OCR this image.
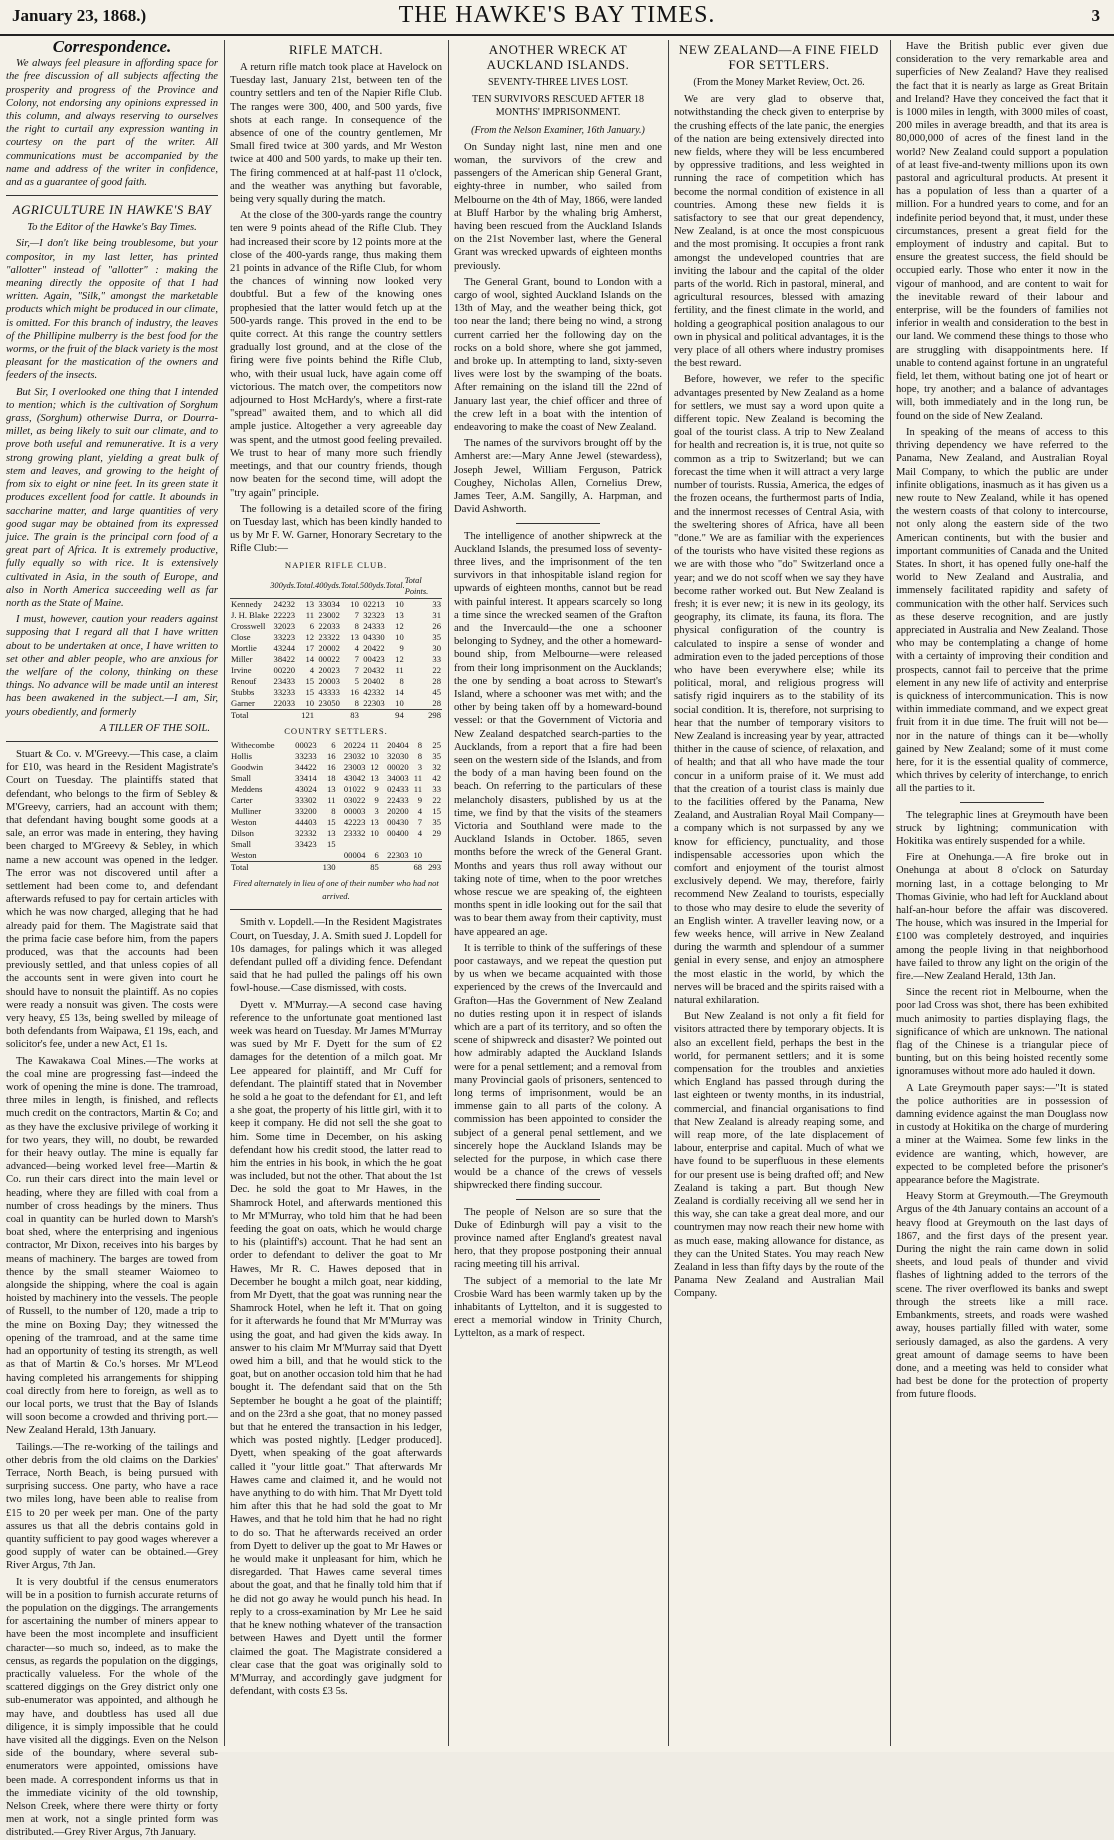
January 23, 1868.)	THE HAWKE'S BAY TIMES.	3
Correspondence.

We always feel pleasure in affording space for the free discussion of all subjects affecting the prosperity and progress of the Province and Colony, not endorsing any opinions expressed in this column, and always reserving to ourselves the right to curtail any expression wanting in courtesy on the part of the writer. All communications must be accompanied by the name and address of the writer in confidence, and as a guarantee of good faith.

AGRICULTURE IN HAWKE'S BAY

To the Editor of the Hawke's Bay Times.

Sir,—I don't like being troublesome, but your compositor, in my last letter, has printed "allotter" instead of "allotter" : making the meaning directly the opposite of that I had written. Again, "Silk," amongst the marketable products which might be produced in our climate, is omitted. For this branch of industry, the leaves of the Phillipine mulberry is the best food for the worms, or the fruit of the black variety is the most pleasant for the mastication of the owners and feeders of the insects.

But Sir, I overlooked one thing that I intended to mention; which is the cultivation of Sorghum grass, (Sorghum) otherwise Durra, or Dourra-millet, as being likely to suit our climate, and to prove both useful and remunerative. It is a very strong growing plant, yielding a great bulk of stem and leaves, and growing to the height of from six to eight or nine feet. In its green state it produces excellent food for cattle. It abounds in saccharine matter, and large quantities of very good sugar may be obtained from its expressed juice. The grain is the principal corn food of a great part of Africa. It is extremely productive, fully equally so with rice. It is extensively cultivated in Asia, in the south of Europe, and also in North America succeeding well as far north as the State of Maine.

I must, however, caution your readers against supposing that I regard all that I have written about to be undertaken at once, I have written to set other and abler people, who are anxious for the welfare of the colony, thinking on these things. No advance will be made until an interest has been awakened in the subject.—I am, Sir, yours obediently, and formerly

A TILLER OF THE SOIL.

Stuart & Co. v. M'Greevy.—This case, a claim for £10, was heard in the Resident Magistrate's Court on Tuesday. The plaintiffs stated that defendant, who belongs to the firm of Sebley & M'Greevy, carriers, had an account with them; that defendant having bought some goods at a sale, an error was made in entering, they having been charged to M'Greevy & Sebley, in which name a new account was opened in the ledger. The error was not discovered until after a settlement had been come to, and defendant afterwards refused to pay for certain articles with which he was now charged, alleging that he had already paid for them. The Magistrate said that the prima facie case before him, from the papers produced, was that the accounts had been previously settled, and that unless copies of all the accounts sent in were given into court he should have to nonsuit the plaintiff. As no copies were ready a nonsuit was given. The costs were very heavy, £5 13s, being swelled by mileage of both defendants from Waipawa, £1 19s, each, and solicitor's fee, under a new Act, £1 1s.

The Kawakawa Coal Mines.—The works at the coal mine are progressing fast—indeed the work of opening the mine is done. The tramroad, three miles in length, is finished, and reflects much credit on the contractors, Martin & Co; and as they have the exclusive privilege of working it for two years, they will, no doubt, be rewarded for their heavy outlay. The mine is equally far advanced—being worked level free—Martin & Co. run their cars direct into the main level or heading, where they are filled with coal from a number of cross headings by the miners. Thus coal in quantity can be hurled down to Marsh's boat shed, where the enterprising and ingenious contractor, Mr Dixon, receives into his barges by means of machinery. The barges are towed from thence by the small steamer Waiomeo to alongside the shipping, where the coal is again hoisted by machinery into the vessels. The people of Russell, to the number of 120, made a trip to the mine on Boxing Day; they witnessed the opening of the tramroad, and at the same time had an opportunity of testing its strength, as well as that of Martin & Co.'s horses. Mr M'Leod having completed his arrangements for shipping coal directly from here to foreign, as well as to our local ports, we trust that the Bay of Islands will soon become a crowded and thriving port.—New Zealand Herald, 13th January.

Tailings.—The re-working of the tailings and other debris from the old claims on the Darkies' Terrace, North Beach, is being pursued with surprising success. One party, who have a race two miles long, have been able to realise from £15 to 20 per week per man. One of the party assures us that all the debris contains gold in quantity sufficient to pay good wages wherever a good supply of water can be obtained.—Grey River Argus, 7th Jan.

It is very doubtful if the census enumerators will be in a position to furnish accurate returns of the population on the diggings. The arrangements for ascertaining the number of miners appear to have been the most incomplete and insufficient character—so much so, indeed, as to make the census, as regards the population on the diggings, practically valueless. For the whole of the scattered diggings on the Grey district only one sub-enumerator was appointed, and although he may have, and doubtless has used all due diligence, it is simply impossible that he could have visited all the diggings. Even on the Nelson side of the boundary, where several sub-enumerators were appointed, omissions have been made. A correspondent informs us that in the immediate vicinity of the old township, Nelson Creek, where there were thirty or forty men at work, not a single printed form was distributed.—Grey River Argus, 7th January.

RIFLE MATCH.

A return rifle match took place at Havelock on Tuesday last, January 21st, between ten of the country settlers and ten of the Napier Rifle Club. The ranges were 300, 400, and 500 yards, five shots at each range. In consequence of the absence of one of the country gentlemen, Mr Small fired twice at 300 yards, and Mr Weston twice at 400 and 500 yards, to make up their ten. The firing commenced at at half-past 11 o'clock, and the weather was anything but favorable, being very squally during the match.

At the close of the 300-yards range the country ten were 9 points ahead of the Rifle Club. They had increased their score by 12 points more at the close of the 400-yards range, thus making them 21 points in advance of the Rifle Club, for whom the chances of winning now looked very doubtful. But a few of the knowing ones prophesied that the latter would fetch up at the 500-yards range. This proved in the end to be quite correct. At this range the country settlers gradually lost ground, and at the close of the firing were five points behind the Rifle Club, who, with their usual luck, have again come off victorious. The match over, the competitors now adjourned to Host McHardy's, where a first-rate "spread" awaited them, and to which all did ample justice. Altogether a very agreeable day was spent, and the utmost good feeling prevailed. We trust to hear of many more such friendly meetings, and that our country friends, though now beaten for the second time, will adopt the "try again" principle.

The following is a detailed score of the firing on Tuesday last, which has been kindly handed to us by Mr F. W. Garner, Honorary Secretary to the Rifle Club:—

NAPIER RIFLE CLUB.
	300yds.	Total.	400yds.	Total.	500yds.	Total.	Total Points.
Kennedy	24232	13	33034	10	02213	10	33
J. H. Blake	22223	11	23002	7	32323	13	31
Crosswell	32023	6	22033	8	24333	12	26
Close	33223	12	23322	13	04330	10	35
Mortlie	43244	17	20002	4	20422	9	30
Miller	38422	14	00022	7	00423	12	33
Irvine	00220	4	20023	7	20432	11	22
Renouf	23433	15	20003	5	20402	8	28
Stubbs	33233	15	43333	16	42332	14	45
Garner	22033	10	23050	8	22303	10	28
Total		121		83		94	298
COUNTRY SETTLERS.
Withecombe	00023	6	20224	11	20404	8	25
Hollis	33233	16	23032	10	32030	8	35
Goodwin	34422	16	23003	12	00020	3	32
Small	33414	18	43042	13	34003	11	42
Meddens	43024	13	01022	9	02433	11	33
Carter	33302	11	03022	9	22433	9	22
Mulliner	33200	8	00003	3	20200	4	15
Weston	44403	15	42223	13	00430	7	35
Dilson	32332	13	23332	10	00400	4	29
Small	33423	15					
Weston			00004	6	22303	10	
Total		130		85		68	293
Fired alternately in lieu of one of their number who had not arrived.

Smith v. Lopdell.—In the Resident Magistrates Court, on Tuesday, J. A. Smith sued J. Lopdell for 10s damages, for palings which it was alleged defendant pulled off a dividing fence. Defendant said that he had pulled the palings off his own fowl-house.—Case dismissed, with costs.

Dyett v. M'Murray.—A second case having reference to the unfortunate goat mentioned last week was heard on Tuesday. Mr James M'Murray was sued by Mr F. Dyett for the sum of £2 damages for the detention of a milch goat. Mr Lee appeared for plaintiff, and Mr Cuff for defendant. The plaintiff stated that in November he sold a he goat to the defendant for £1, and left a she goat, the property of his little girl, with it to keep it company. He did not sell the she goat to him. Some time in December, on his asking defendant how his credit stood, the latter read to him the entries in his book, in which the he goat was included, but not the other. That about the 1st Dec. he sold the goat to Mr Hawes, in the Shamrock Hotel, and afterwards mentioned this to Mr M'Murray, who told him that he had been feeding the goat on oats, which he would charge to his (plaintiff's) account. That he had sent an order to defendant to deliver the goat to Mr Hawes, Mr R. C. Hawes deposed that in December he bought a milch goat, near kidding, from Mr Dyett, that the goat was running near the Shamrock Hotel, when he left it. That on going for it afterwards he found that Mr M'Murray was using the goat, and had given the kids away. In answer to his claim Mr M'Murray said that Dyett owed him a bill, and that he would stick to the goat, but on another occasion told him that he had bought it. The defendant said that on the 5th September he bought a he goat of the plaintiff; and on the 23rd a she goat, that no money passed but that he entered the transaction in his ledger, which was posted nightly. [Ledger produced]. Dyett, when speaking of the goat afterwards called it "your little goat." That afterwards Mr Hawes came and claimed it, and he would not have anything to do with him. That Mr Dyett told him after this that he had sold the goat to Mr Hawes, and that he told him that he had no right to do so. That he afterwards received an order from Dyett to deliver up the goat to Mr Hawes or he would make it unpleasant for him, which he disregarded. That Hawes came several times about the goat, and that he finally told him that if he did not go away he would punch his head. In reply to a cross-examination by Mr Lee he said that he knew nothing whatever of the transaction between Hawes and Dyett until the former claimed the goat. The Magistrate considered a clear case that the goat was originally sold to M'Murray, and accordingly gave judgment for defendant, with costs £3 5s.

ANOTHER WRECK AT AUCKLAND ISLANDS.
SEVENTY-THREE LIVES LOST.
TEN SURVIVORS RESCUED AFTER 18 MONTHS' IMPRISONMENT.
(From the Nelson Examiner, 16th January.)

On Sunday night last, nine men and one woman, the survivors of the crew and passengers of the American ship General Grant, eighty-three in number, who sailed from Melbourne on the 4th of May, 1866, were landed at Bluff Harbor by the whaling brig Amherst, having been rescued from the Auckland Islands on the 21st November last, where the General Grant was wrecked upwards of eighteen months previously.

The General Grant, bound to London with a cargo of wool, sighted Auckland Islands on the 13th of May, and the weather being thick, got too near the land; there being no wind, a strong current carried her the following day on the rocks on a bold shore, where she got jammed, and broke up. In attempting to land, sixty-seven lives were lost by the swamping of the boats. After remaining on the island till the 22nd of January last year, the chief officer and three of the crew left in a boat with the intention of endeavoring to make the coast of New Zealand.

The names of the survivors brought off by the Amherst are:—Mary Anne Jewel (stewardess), Joseph Jewel, William Ferguson, Patrick Coughey, Nicholas Allen, Cornelius Drew, James Teer, A.M. Sangilly, A. Harpman, and David Ashworth.

The intelligence of another shipwreck at the Auckland Islands, the presumed loss of seventy-three lives, and the imprisonment of the ten survivors in that inhospitable island region for upwards of eighteen months, cannot but be read with painful interest. It appears scarcely so long a time since the wrecked seamen of the Grafton and the Invercauld—the one a schooner belonging to Sydney, and the other a homeward-bound ship, from Melbourne—were released from their long imprisonment on the Aucklands; the one by sending a boat across to Stewart's Island, where a schooner was met with; and the other by being taken off by a homeward-bound vessel: or that the Government of Victoria and New Zealand despatched search-parties to the Aucklands, from a report that a fire had been seen on the western side of the Islands, and from the body of a man having been found on the beach. On referring to the particulars of these melancholy disasters, published by us at the time, we find by that the visits of the steamers Victoria and Southland were made to the Auckland Islands in October. 1865, seven months before the wreck of the General Grant. Months and years thus roll away without our taking note of time, when to the poor wretches whose rescue we are speaking of, the eighteen months spent in idle looking out for the sail that was to bear them away from their captivity, must have appeared an age.

It is terrible to think of the sufferings of these poor castaways, and we repeat the question put by us when we became acquainted with those experienced by the crews of the Invercauld and Grafton—Has the Government of New Zealand no duties resting upon it in respect of islands which are a part of its territory, and so often the scene of shipwreck and disaster? We pointed out how admirably adapted the Auckland Islands were for a penal settlement; and a removal from many Provincial gaols of prisoners, sentenced to long terms of imprisonment, would be an immense gain to all parts of the colony. A commission has been appointed to consider the subject of a general penal settlement, and we sincerely hope the Auckland Islands may be selected for the purpose, in which case there would be a chance of the crews of vessels shipwrecked there finding succour.

The people of Nelson are so sure that the Duke of Edinburgh will pay a visit to the province named after England's greatest naval hero, that they propose postponing their annual racing meeting till his arrival.

The subject of a memorial to the late Mr Crosbie Ward has been warmly taken up by the inhabitants of Lyttelton, and it is suggested to erect a memorial window in Trinity Church, Lyttelton, as a mark of respect.

NEW ZEALAND—A FINE FIELD FOR SETTLERS.
(From the Money Market Review, Oct. 26.

We are very glad to observe that, notwithstanding the check given to enterprise by the crushing effects of the late panic, the energies of the nation are being extensively directed into new fields, where they will be less encumbered by oppressive traditions, and less weighted in running the race of competition which has become the normal condition of existence in all countries. Among these new fields it is satisfactory to see that our great dependency, New Zealand, is at once the most conspicuous and the most promising. It occupies a front rank amongst the undeveloped countries that are inviting the labour and the capital of the older parts of the world. Rich in pastoral, mineral, and agricultural resources, blessed with amazing fertility, and the finest climate in the world, and holding a geographical position analagous to our own in physical and political advantages, it is the very place of all others where industry promises the best reward.

Before, however, we refer to the specific advantages presented by New Zealand as a home for settlers, we must say a word upon quite a different topic. New Zealand is becoming the goal of the tourist class. A trip to New Zealand for health and recreation is, it is true, not quite so common as a trip to Switzerland; but we can forecast the time when it will attract a very large number of tourists. Russia, America, the edges of the frozen oceans, the furthermost parts of India, and the innermost recesses of Central Asia, with the sweltering shores of Africa, have all been "done." We are as familiar with the experiences of the tourists who have visited these regions as we are with those who "do" Switzerland once a year; and we do not scoff when we say they have become rather worked out. But New Zealand is fresh; it is ever new; it is new in its geology, its geography, its climate, its fauna, its flora. The physical configuration of the country is calculated to inspire a sense of wonder and admiration even to the jaded perceptions of those who have been everywhere else; while its political, moral, and religious progress will satisfy rigid inquirers as to the stability of its social condition. It is, therefore, not surprising to hear that the number of temporary visitors to New Zealand is increasing year by year, attracted thither in the cause of science, of relaxation, and of health; and that all who have made the tour concur in a uniform praise of it. We must add that the creation of a tourist class is mainly due to the facilities offered by the Panama, New Zealand, and Australian Royal Mail Company—a company which is not surpassed by any we know for efficiency, punctuality, and those indispensable accessories upon which the comfort and enjoyment of the tourist almost exclusively depend. We may, therefore, fairly recommend New Zealand to tourists, especially to those who may desire to elude the severity of an English winter. A traveller leaving now, or a few weeks hence, will arrive in New Zealand during the warmth and splendour of a summer genial in every sense, and enjoy an atmosphere the most elastic in the world, by which the nerves will be braced and the spirits raised with a natural exhilaration.

But New Zealand is not only a fit field for visitors attracted there by temporary objects. It is also an excellent field, perhaps the best in the world, for permanent settlers; and it is some compensation for the troubles and anxieties which England has passed through during the last eighteen or twenty months, in its industrial, commercial, and financial organisations to find that New Zealand is already reaping some, and will reap more, of the late displacement of labour, enterprise and capital. Much of what we have found to be superfluous in these elements for our present use is being drafted off; and New Zealand is taking a part. But though New Zealand is cordially receiving all we send her in this way, she can take a great deal more, and our countrymen may now reach their new home with as much ease, making allowance for distance, as they can the United States. You may reach New Zealand in less than fifty days by the route of the Panama New Zealand and Australian Mail Company.

Have the British public ever given due consideration to the very remarkable area and superficies of New Zealand? Have they realised the fact that it is nearly as large as Great Britain and Ireland? Have they conceived the fact that it is 1000 miles in length, with 3000 miles of coast, 200 miles in average breadth, and that its area is 80,000,000 of acres of the finest land in the world? New Zealand could support a population of at least five-and-twenty millions upon its own pastoral and agricultural products. At present it has a population of less than a quarter of a million. For a hundred years to come, and for an indefinite period beyond that, it must, under these circumstances, present a great field for the employment of industry and capital. But to ensure the greatest success, the field should be occupied early. Those who enter it now in the vigour of manhood, and are content to wait for the inevitable reward of their labour and enterprise, will be the founders of families not inferior in wealth and consideration to the best in our land. We commend these things to those who are struggling with disappointments here. If unable to contend against fortune in an ungrateful field, let them, without bating one jot of heart or hope, try another; and a balance of advantages will, both immediately and in the long run, be found on the side of New Zealand.

In speaking of the means of access to this thriving dependency we have referred to the Panama, New Zealand, and Australian Royal Mail Company, to which the public are under infinite obligations, inasmuch as it has given us a new route to New Zealand, while it has opened the western coasts of that colony to intercourse, not only along the eastern side of the two American continents, but with the busier and important communities of Canada and the United States. In short, it has opened fully one-half the world to New Zealand and Australia, and immensely facilitated rapidity and safety of communication with the other half. Services such as these deserve recognition, and are justly appreciated in Australia and New Zealand. Those who may be contemplating a change of home with a certainty of improving their condition and prospects, cannot fail to perceive that the prime element in any new life of activity and enterprise is quickness of intercommunication. This is now within immediate command, and we expect great fruit from it in due time. The fruit will not be—nor in the nature of things can it be—wholly gained by New Zealand; some of it must come here, for it is the essential quality of commerce, which thrives by celerity of interchange, to enrich all the parties to it.

The telegraphic lines at Greymouth have been struck by lightning; communication with Hokitika was entirely suspended for a while.

Fire at Onehunga.—A fire broke out in Onehunga at about 8 o'clock on Saturday morning last, in a cottage belonging to Mr Thomas Givinie, who had left for Auckland about half-an-hour before the affair was discovered. The house, which was insured in the Imperial for £100 was completely destroyed, and inquiries among the people living in that neighborhood have failed to throw any light on the origin of the fire.—New Zealand Herald, 13th Jan.

Since the recent riot in Melbourne, when the poor lad Cross was shot, there has been exhibited much animosity to parties displaying flags, the significance of which are unknown. The national flag of the Chinese is a triangular piece of bunting, but on this being hoisted recently some ignoramuses without more ado hauled it down.

A Late Greymouth paper says:—"It is stated the police authorities are in possession of damning evidence against the man Douglass now in custody at Hokitika on the charge of murdering a miner at the Waimea. Some few links in the evidence are wanting, which, however, are expected to be completed before the prisoner's appearance before the Magistrate.

Heavy Storm at Greymouth.—The Greymouth Argus of the 4th January contains an account of a heavy flood at Greymouth on the last days of 1867, and the first days of the present year. During the night the rain came down in solid sheets, and loud peals of thunder and vivid flashes of lightning added to the terrors of the scene. The river overflowed its banks and swept through the streets like a mill race. Embankments, streets, and roads were washed away, houses partially filled with water, some seriously damaged, as also the gardens. A very great amount of damage seems to have been done, and a meeting was held to consider what had best be done for the protection of property from future floods.
